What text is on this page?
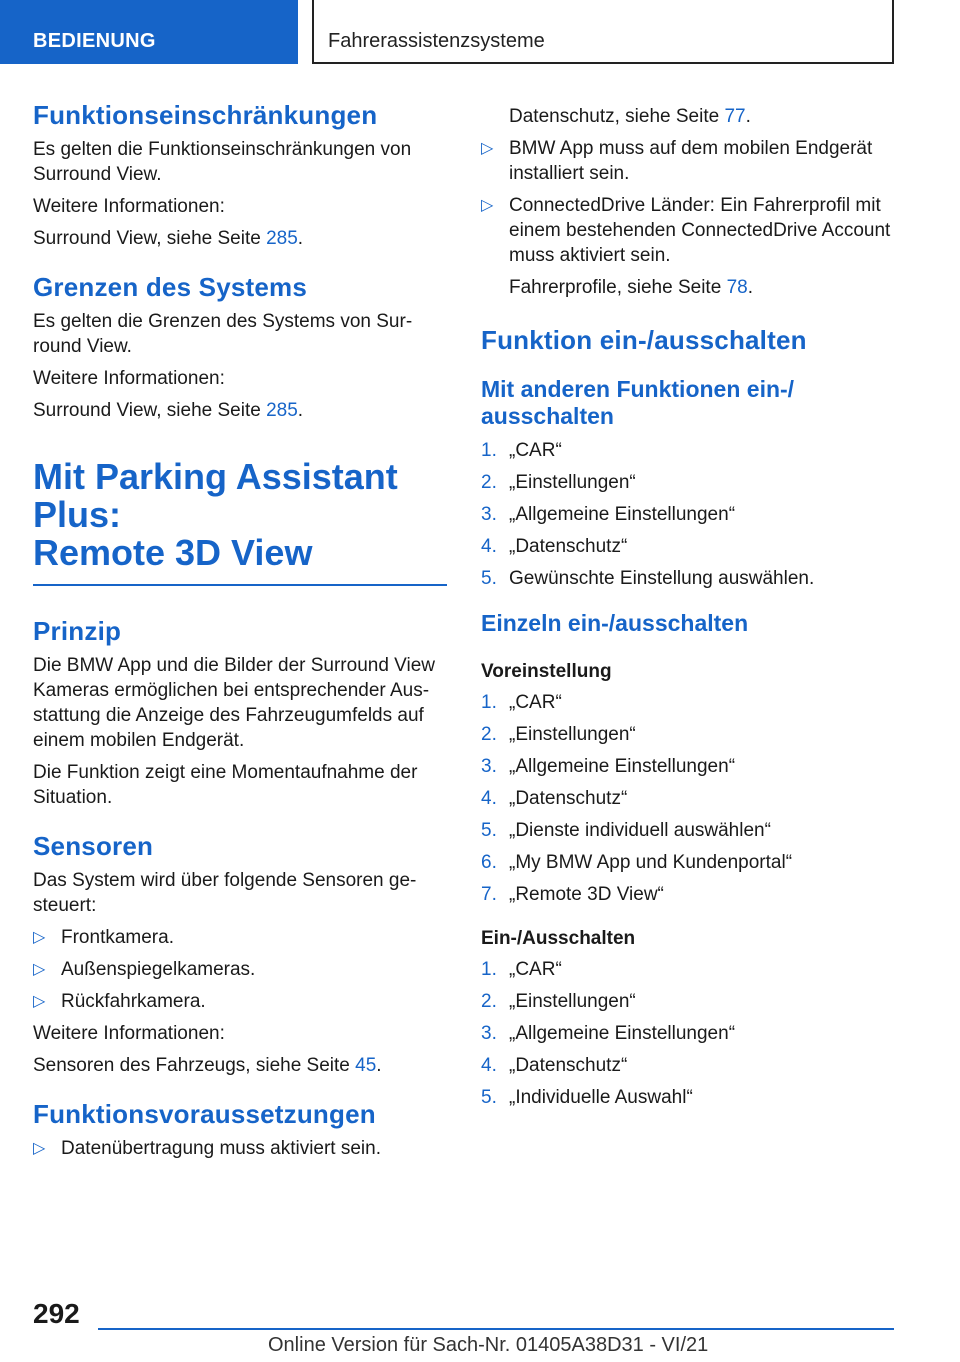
BEDIENUNG	Fahrerassistenzsysteme
Funktionseinschränkungen
Es gelten die Funktionseinschränkungen von Surround View.
Weitere Informationen:
Surround View, siehe Seite 285.
Grenzen des Systems
Es gelten die Grenzen des Systems von Surround View.
Weitere Informationen:
Surround View, siehe Seite 285.
Mit Parking Assistant Plus:
Remote 3D View
Prinzip
Die BMW App und die Bilder der Surround View Kameras ermöglichen bei entsprechender Ausstattung die Anzeige des Fahrzeugumfelds auf einem mobilen Endgerät.
Die Funktion zeigt eine Momentaufnahme der Situation.
Sensoren
Das System wird über folgende Sensoren gesteuert:
▷ Frontkamera.
▷ Außenspiegelkameras.
▷ Rückfahrkamera.
Weitere Informationen:
Sensoren des Fahrzeugs, siehe Seite 45.
Funktionsvoraussetzungen
▷ Datenübertragung muss aktiviert sein.
Datenschutz, siehe Seite 77.
▷ BMW App muss auf dem mobilen Endgerät installiert sein.
▷ ConnectedDrive Länder: Ein Fahrerprofil mit einem bestehenden ConnectedDrive Account muss aktiviert sein.
Fahrerprofile, siehe Seite 78.
Funktion ein-/ausschalten
Mit anderen Funktionen ein-/ ausschalten
1. „CAR“
2. „Einstellungen“
3. „Allgemeine Einstellungen“
4. „Datenschutz“
5. Gewünschte Einstellung auswählen.
Einzeln ein-/ausschalten
Voreinstellung
1. „CAR“
2. „Einstellungen“
3. „Allgemeine Einstellungen“
4. „Datenschutz“
5. „Dienste individuell auswählen“
6. „My BMW App und Kundenportal“
7. „Remote 3D View“
Ein-/Ausschalten
1. „CAR“
2. „Einstellungen“
3. „Allgemeine Einstellungen“
4. „Datenschutz“
5. „Individuelle Auswahl“
292
Online Version für Sach-Nr. 01405A38D31 - VI/21
